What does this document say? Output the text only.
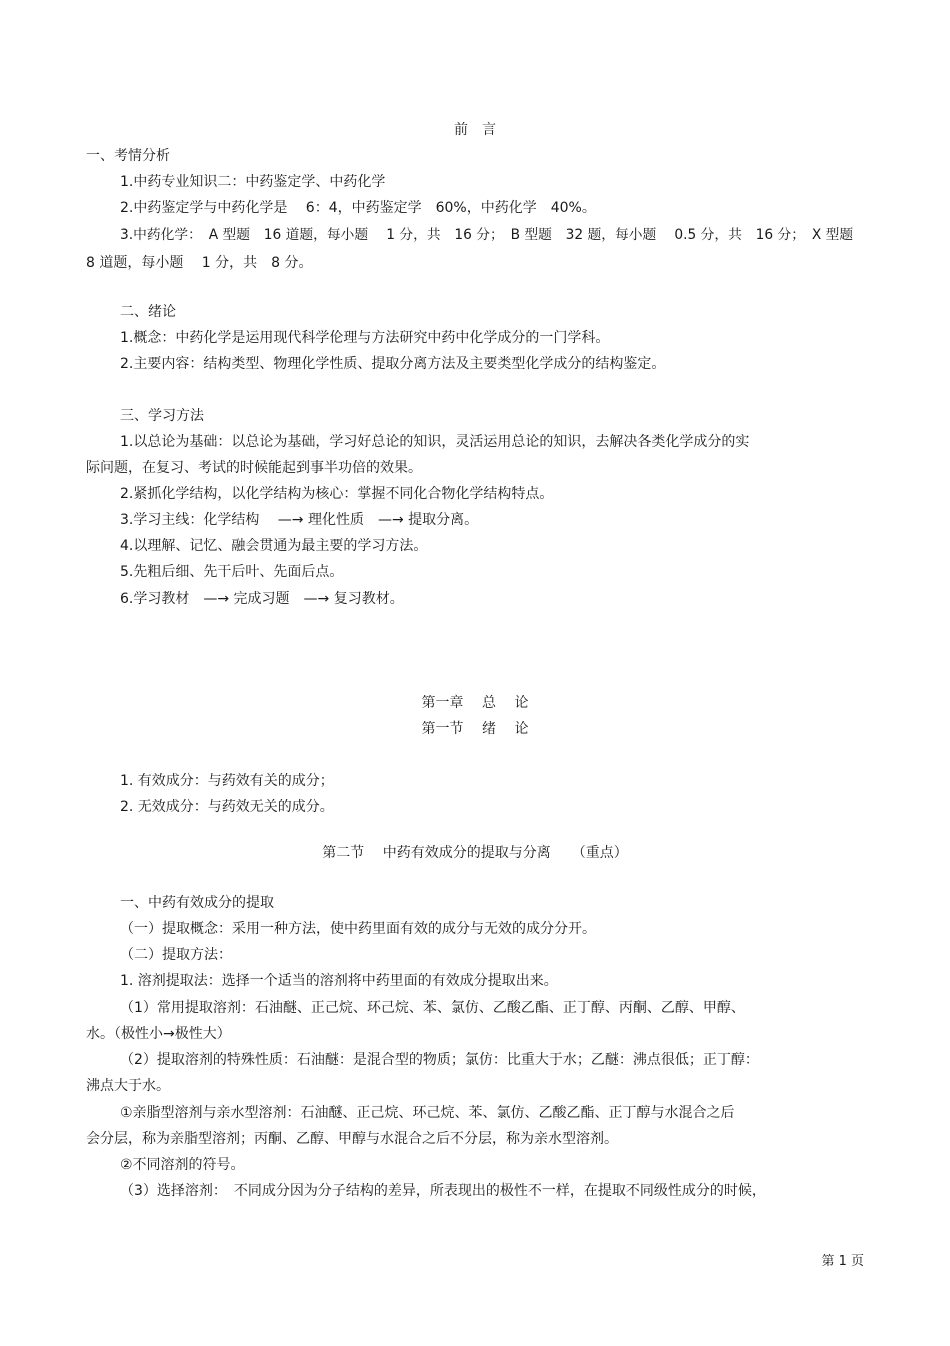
前　言
一、考情分析
1.中药专业知识二：中药鉴定学、中药化学
2.中药鉴定学与中药化学是　 6：4，中药鉴定学　60%，中药化学　40%。
3.中药化学：　A 型题　16 道题，每小题　 1 分，共　16 分；　B 型题　32 题，每小题　 0.5 分，共　16 分；　X 型题
8 道题，每小题　 1 分，共　8 分。
二、绪论
1.概念：中药化学是运用现代科学伦理与方法研究中药中化学成分的一门学科。
2.主要内容：结构类型、物理化学性质、提取分离方法及主要类型化学成分的结构鉴定。
三、学习方法
1.以总论为基础：以总论为基础，学习好总论的知识，灵活运用总论的知识，去解决各类化学成分的实
际问题，在复习、考试的时候能起到事半功倍的效果。
2.紧抓化学结构，以化学结构为核心：掌握不同化合物化学结构特点。
3.学习主线：化学结构　 —→ 理化性质　—→ 提取分离。
4.以理解、记忆、融会贯通为最主要的学习方法。
5.先粗后细、先干后叶、先面后点。
6.学习教材　—→ 完成习题　—→ 复习教材。
第一章　 总　 论
第一节　 绪　 论
1. 有效成分：与药效有关的成分；
2. 无效成分：与药效无关的成分。
第二节　 中药有效成分的提取与分离　　（重点）
一、中药有效成分的提取
（一）提取概念：采用一种方法，使中药里面有效的成分与无效的成分分开。
（二）提取方法：
1. 溶剂提取法：选择一个适当的溶剂将中药里面的有效成分提取出来。
（1）常用提取溶剂：石油醚、正己烷、环己烷、苯、氯仿、乙酸乙酯、正丁醇、丙酮、乙醇、甲醇、
水。（极性小→极性大）
（2）提取溶剂的特殊性质：石油醚：是混合型的物质；氯仿：比重大于水；乙醚：沸点很低；正丁醇：
沸点大于水。
①亲脂型溶剂与亲水型溶剂：石油醚、正己烷、环己烷、苯、氯仿、乙酸乙酯、正丁醇与水混合之后
会分层，称为亲脂型溶剂；丙酮、乙醇、甲醇与水混合之后不分层，称为亲水型溶剂。
②不同溶剂的符号。
（3）选择溶剂：　不同成分因为分子结构的差异，所表现出的极性不一样，在提取不同级性成分的时候，
第 1 页
